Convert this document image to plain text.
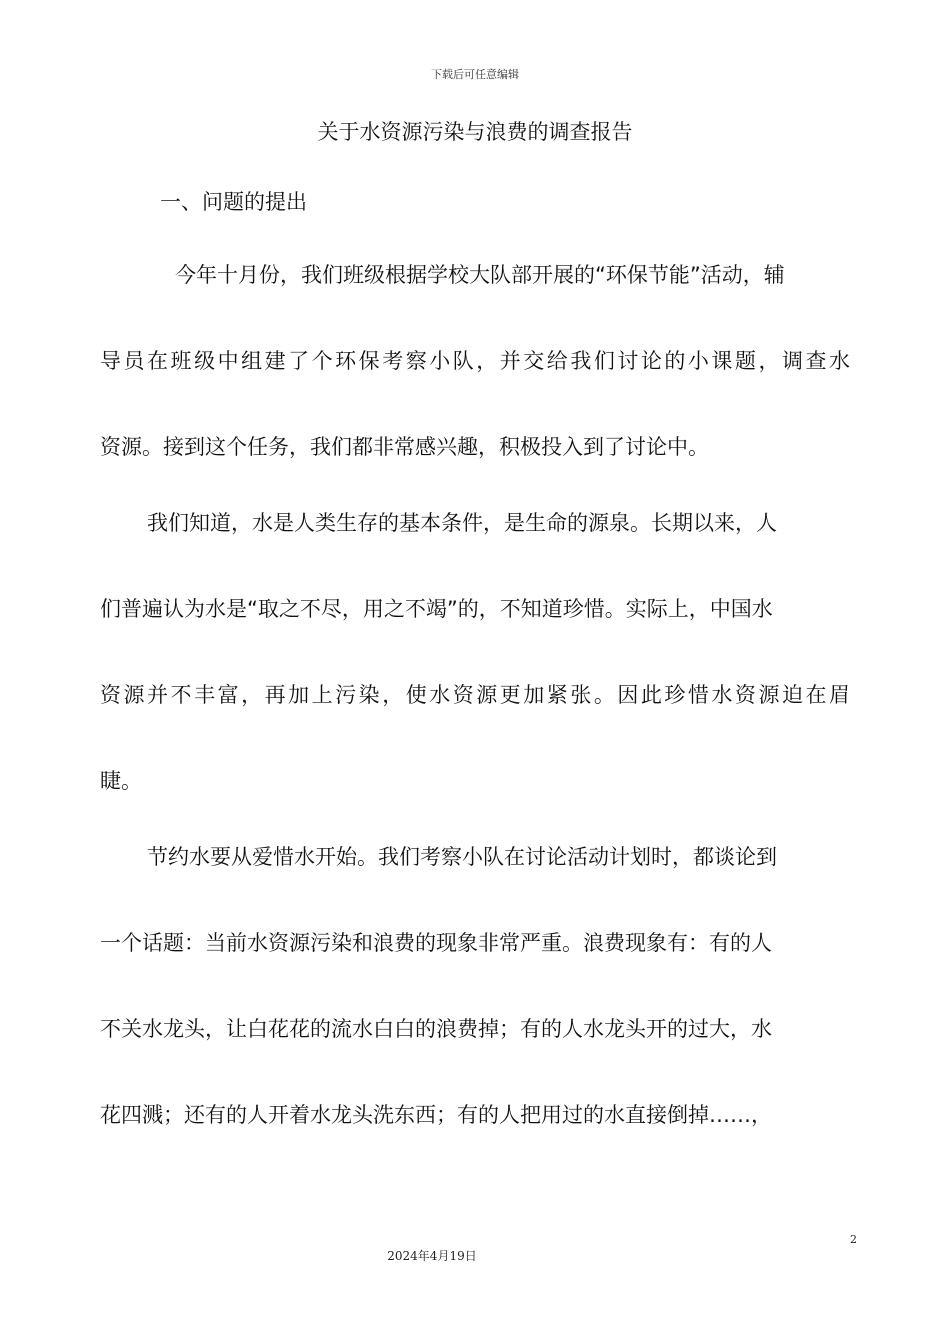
下载后可任意编辑
关于水资源污染与浪费的调查报告
一、问题的提出
今年十月份，我们班级根据学校大队部开展的“环保节能”活动，辅
导员在班级中组建了个环保考察小队，并交给我们讨论的小课题，调查水
资源。接到这个任务，我们都非常感兴趣，积极投入到了讨论中。
我们知道，水是人类生存的基本条件，是生命的源泉。长期以来，人
们普遍认为水是“取之不尽，用之不竭”的，不知道珍惜。实际上，中国水
资源并不丰富，再加上污染，使水资源更加紧张。因此珍惜水资源迫在眉
睫。
节约水要从爱惜水开始。我们考察小队在讨论活动计划时，都谈论到
一个话题：当前水资源污染和浪费的现象非常严重。浪费现象有：有的人
不关水龙头，让白花花的流水白白的浪费掉；有的人水龙头开的过大，水
花四溅；还有的人开着水龙头洗东西；有的人把用过的水直接倒掉……，
2
2024年4月19日
